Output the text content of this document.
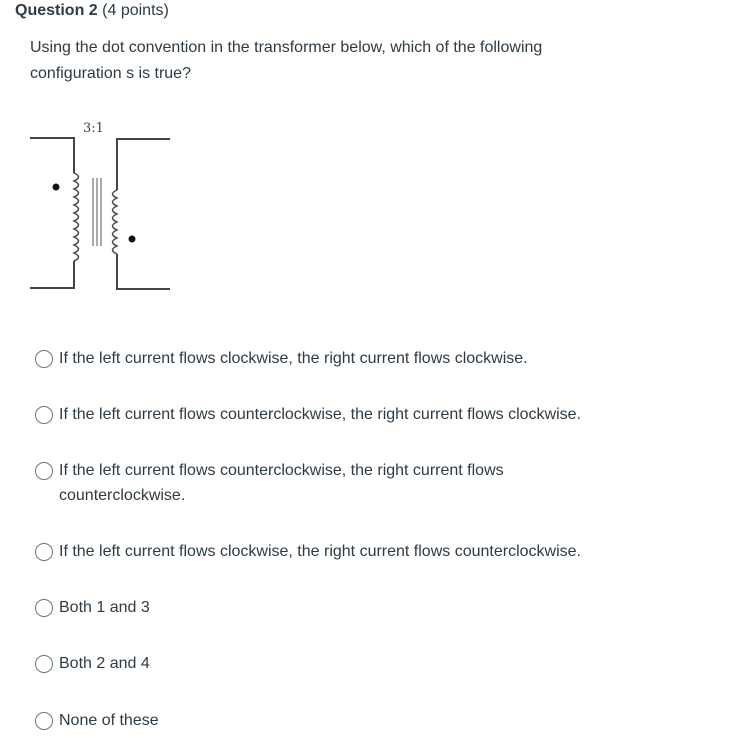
Question 2 (4 points)
Using the dot convention in the transformer below, which of the following configuration s is true?
3:1
If the left current flows clockwise, the right current flows clockwise.
If the left current flows counterclockwise, the right current flows clockwise.
If the left current flows counterclockwise, the right current flows counterclockwise.
If the left current flows clockwise, the right current flows counterclockwise.
Both 1 and 3
Both 2 and 4
None of these
